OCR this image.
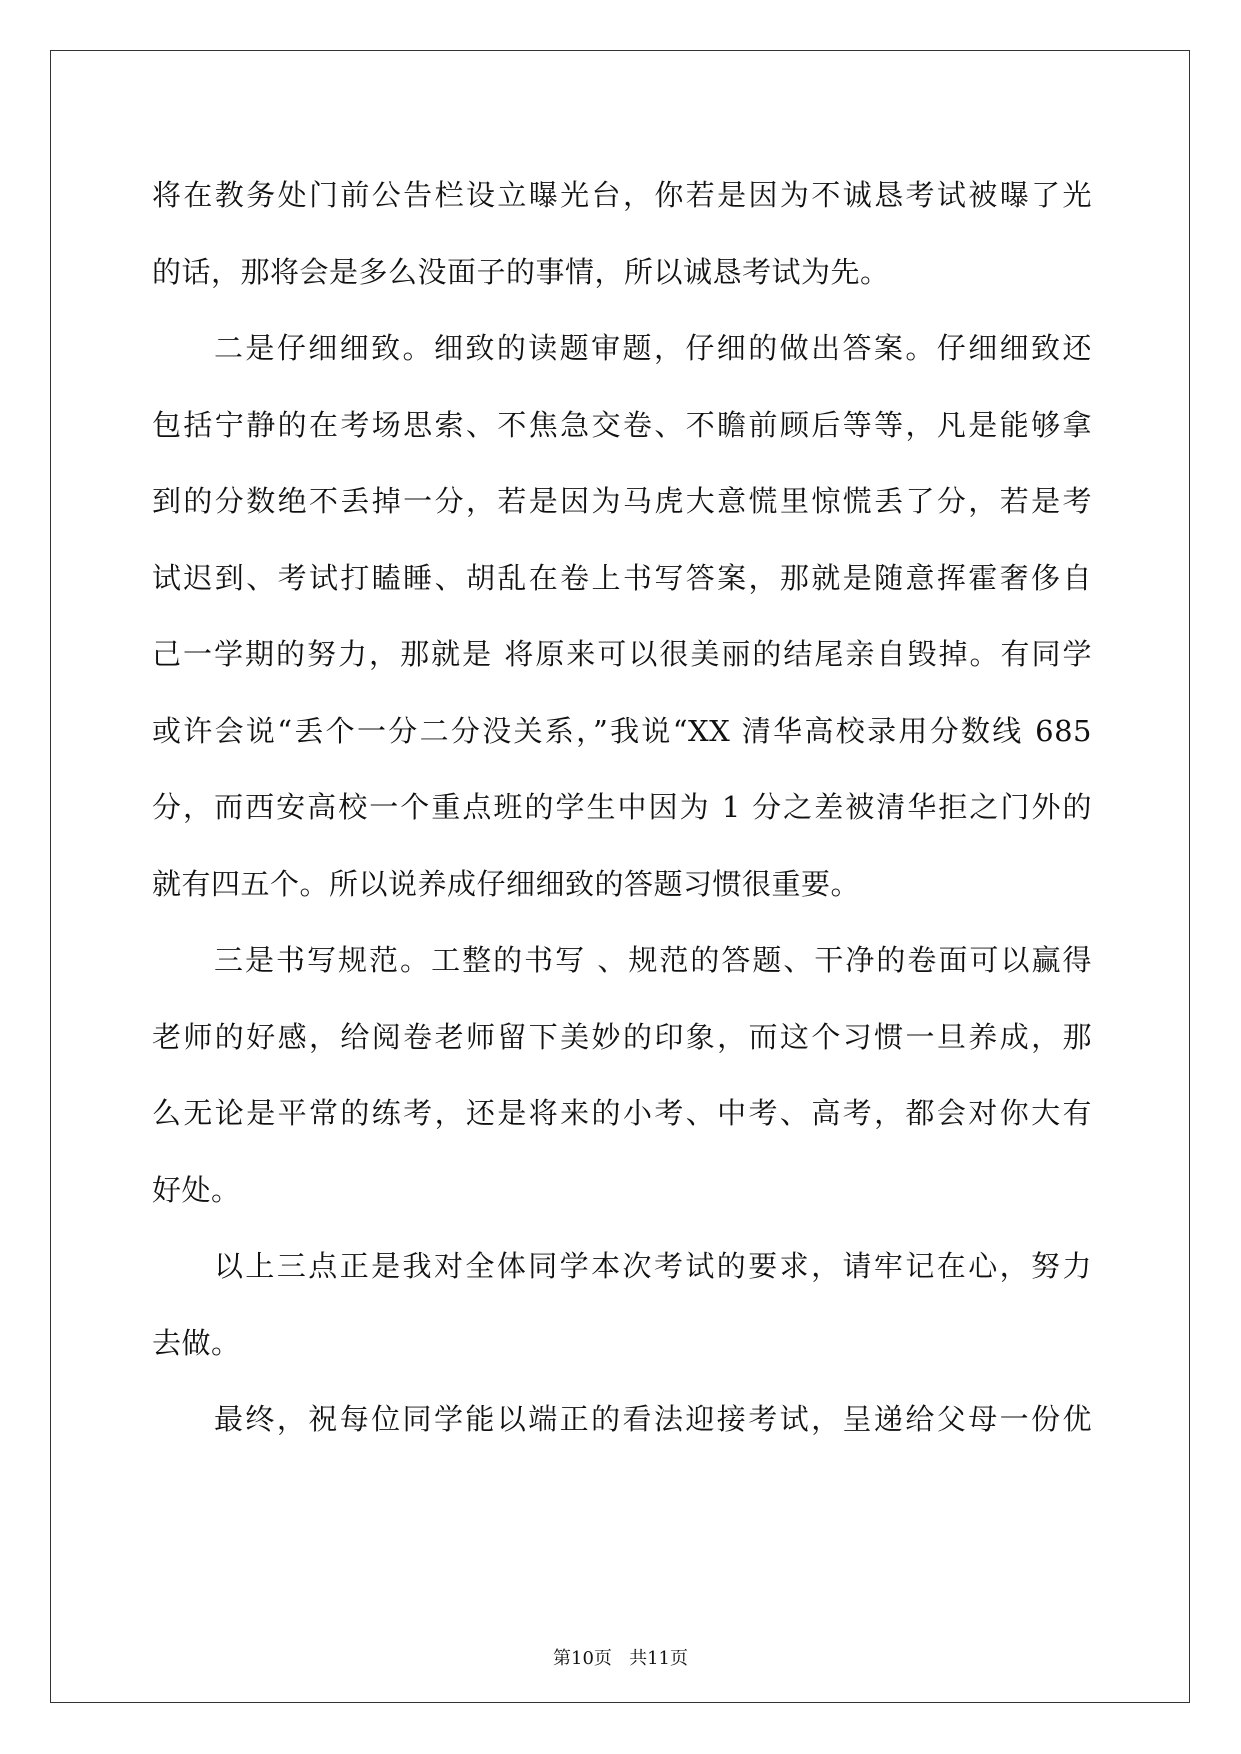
将在教务处门前公告栏设立曝光台，你若是因为不诚恳考试被曝了光
的话，那将会是多么没面子的事情，所以诚恳考试为先。
二是仔细细致。细致的读题审题，仔细的做出答案。仔细细致还
包括宁静的在考场思索、不焦急交卷、不瞻前顾后等等，凡是能够拿
到的分数绝不丢掉一分，若是因为马虎大意慌里惊慌丢了分，若是考
试迟到、考试打瞌睡、胡乱在卷上书写答案，那就是随意挥霍奢侈自
己一学期的努力，那就是 将原来可以很美丽的结尾亲自毁掉。有同学
或许会说“丢个一分二分没关系，”我说“XX 清华高校录用分数线 685
分，而西安高校一个重点班的学生中因为 1 分之差被清华拒之门外的
就有四五个。所以说养成仔细细致的答题习惯很重要。
三是书写规范。工整的书写 、规范的答题、干净的卷面可以赢得
老师的好感，给阅卷老师留下美妙的印象，而这个习惯一旦养成，那
么无论是平常的练考，还是将来的小考、中考、高考，都会对你大有
好处。
以上三点正是我对全体同学本次考试的要求，请牢记在心，努力
去做。
最终，祝每位同学能以端正的看法迎接考试，呈递给父母一份优
第10页   共11页
